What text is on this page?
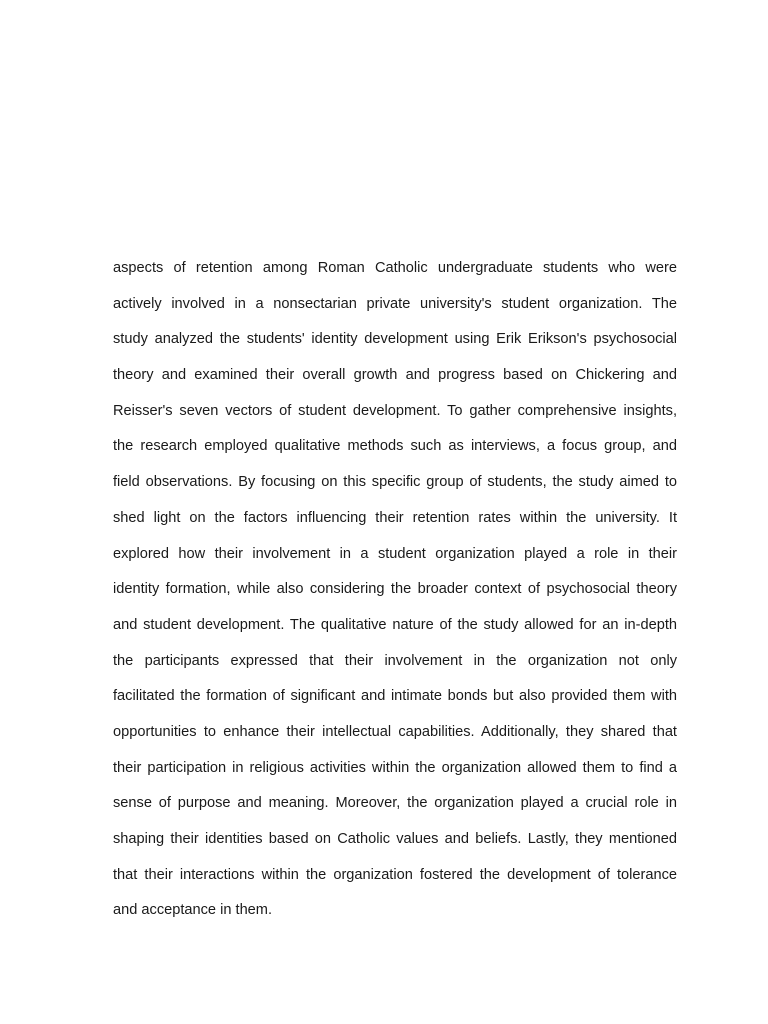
aspects of retention among Roman Catholic undergraduate students who were
actively involved in a nonsectarian private university's student organization. The
study analyzed the students' identity development using Erik Erikson's psychosocial
theory and examined their overall growth and progress based on Chickering and
Reisser's seven vectors of student development. To gather comprehensive insights,
the research employed qualitative methods such as interviews, a focus group, and
field observations. By focusing on this specific group of students, the study aimed to
shed light on the factors influencing their retention rates within the university. It
explored how their involvement in a student organization played a role in their
identity formation, while also considering the broader context of psychosocial theory
and student development. The qualitative nature of the study allowed for an in-depth
the participants expressed that their involvement in the organization not only
facilitated the formation of significant and intimate bonds but also provided them with
opportunities to enhance their intellectual capabilities. Additionally, they shared that
their participation in religious activities within the organization allowed them to find a
sense of purpose and meaning. Moreover, the organization played a crucial role in
shaping their identities based on Catholic values and beliefs. Lastly, they mentioned
that their interactions within the organization fostered the development of tolerance
and acceptance in them.
